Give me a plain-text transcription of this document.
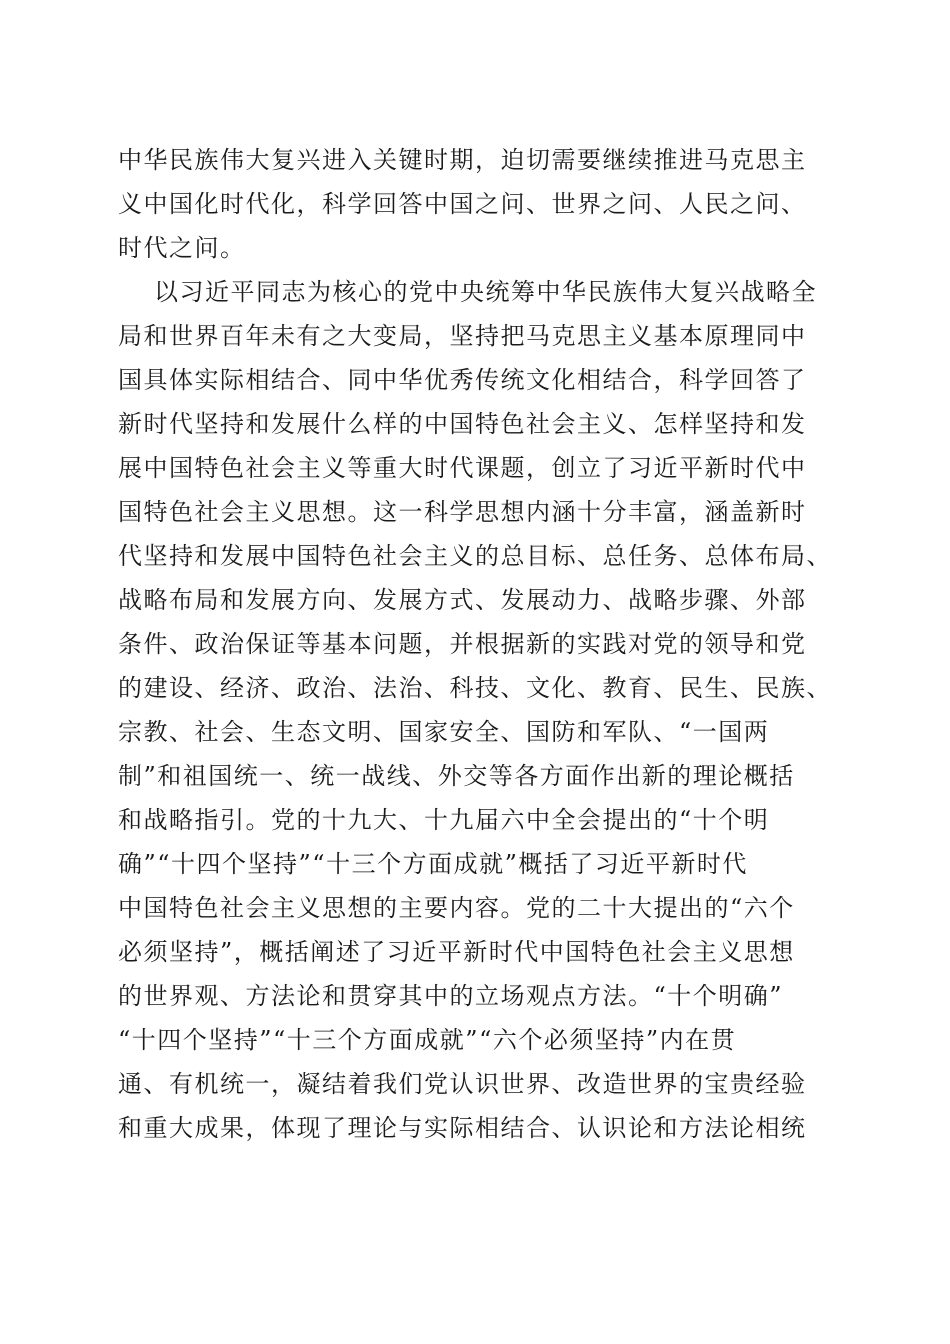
中华民族伟大复兴进入关键时期，迫切需要继续推进马克思主
义中国化时代化，科学回答中国之问、世界之问、人民之问、
时代之问。
以习近平同志为核心的党中央统筹中华民族伟大复兴战略全
局和世界百年未有之大变局，坚持把马克思主义基本原理同中
国具体实际相结合、同中华优秀传统文化相结合，科学回答了
新时代坚持和发展什么样的中国特色社会主义、怎样坚持和发
展中国特色社会主义等重大时代课题，创立了习近平新时代中
国特色社会主义思想。这一科学思想内涵十分丰富，涵盖新时
代坚持和发展中国特色社会主义的总目标、总任务、总体布局、
战略布局和发展方向、发展方式、发展动力、战略步骤、外部
条件、政治保证等基本问题，并根据新的实践对党的领导和党
的建设、经济、政治、法治、科技、文化、教育、民生、民族、
宗教、社会、生态文明、国家安全、国防和军队、“一国两
制”和祖国统一、统一战线、外交等各方面作出新的理论概括
和战略指引。党的十九大、十九届六中全会提出的“十个明
确”“十四个坚持”“十三个方面成就”概括了习近平新时代
中国特色社会主义思想的主要内容。党的二十大提出的“六个
必须坚持”，概括阐述了习近平新时代中国特色社会主义思想
的世界观、方法论和贯穿其中的立场观点方法。“十个明确”
“十四个坚持”“十三个方面成就”“六个必须坚持”内在贯
通、有机统一，凝结着我们党认识世界、改造世界的宝贵经验
和重大成果，体现了理论与实际相结合、认识论和方法论相统
